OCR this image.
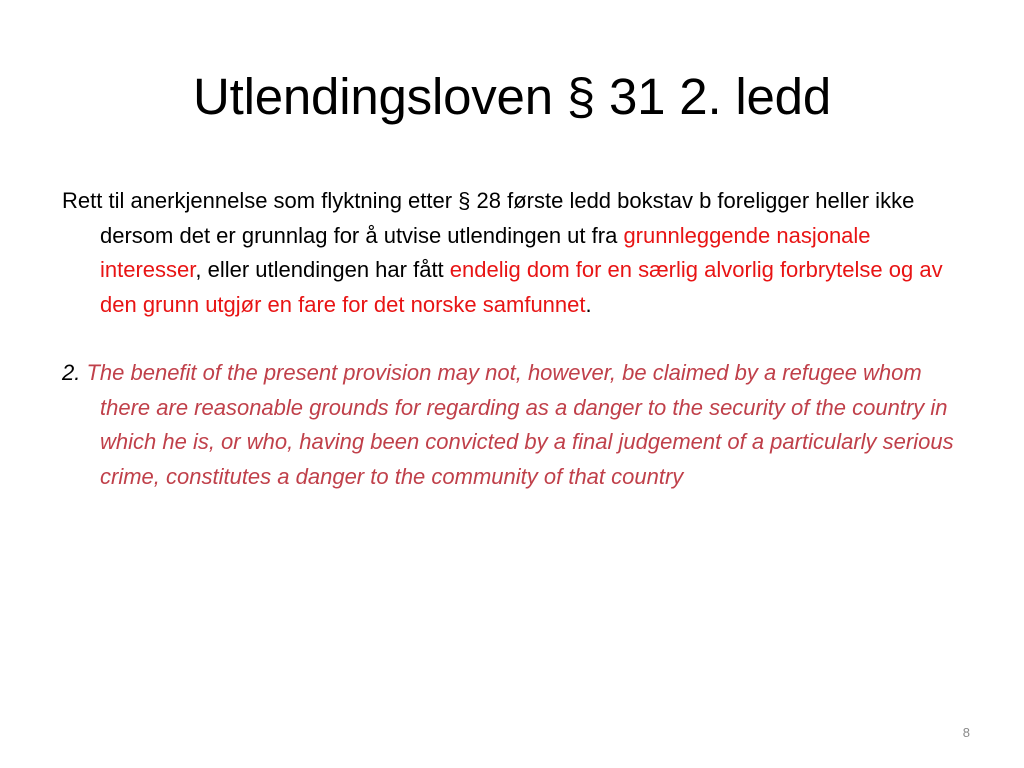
Utlendingsloven § 31 2. ledd

Rett til anerkjennelse som flyktning etter § 28 første ledd bokstav b foreligger heller ikke dersom det er grunnlag for å utvise utlendingen ut fra grunnleggende nasjonale interesser, eller utlendingen har fått endelig dom for en særlig alvorlig forbrytelse og av den grunn utgjør en fare for det norske samfunnet.

2. The benefit of the present provision may not, however, be claimed by a refugee whom there are reasonable grounds for regarding as a danger to the security of the country in which he is, or who, having been convicted by a final judgement of a particularly serious crime, constitutes a danger to the community of that country

8
